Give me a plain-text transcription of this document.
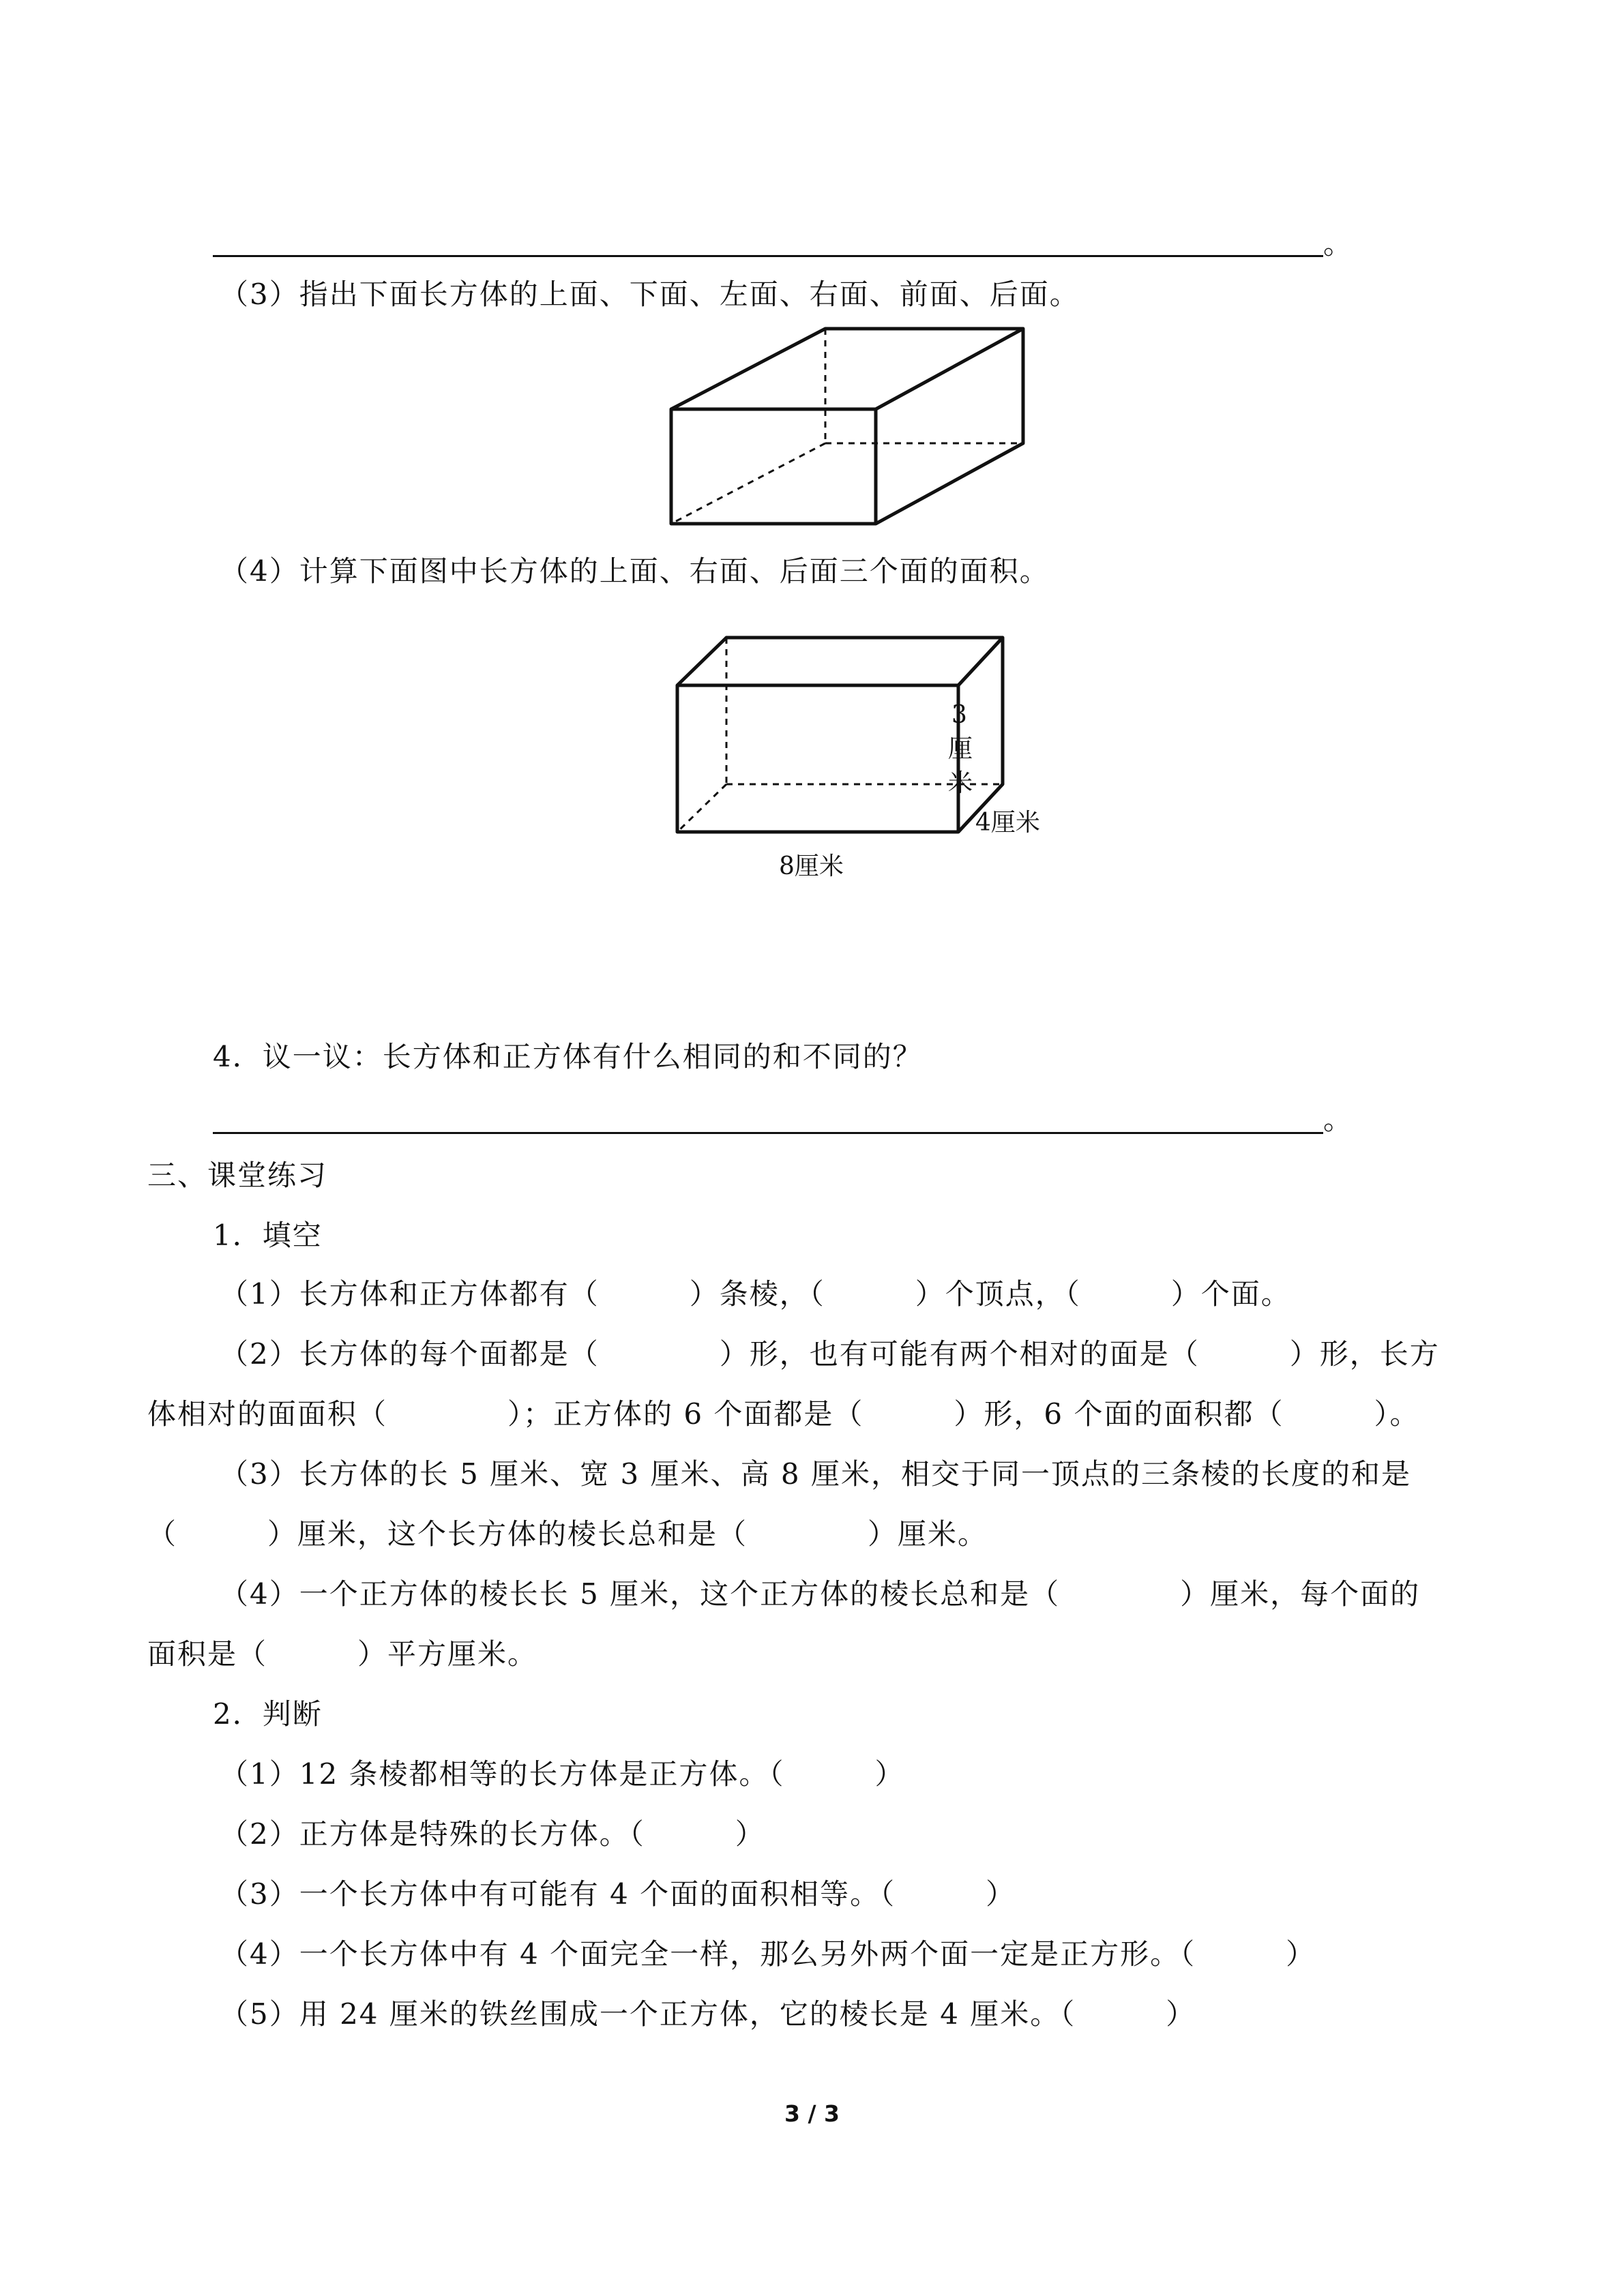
。
（3）指出下面长方体的上面、下面、左面、右面、前面、后面。
（4）计算下面图中长方体的上面、右面、后面三个面的面积。
3
厘
米
4厘米
8厘米
4．议一议：长方体和正方体有什么相同的和不同的？
。
三、课堂练习
1．填空
（1）长方体和正方体都有（　　　）条棱，（　　　）个顶点，（　　　）个面。
（2）长方体的每个面都是（　　　　）形，也有可能有两个相对的面是（　　　）形，长方
体相对的面面积（　　　　）；正方体的 6 个面都是（　　　）形，6 个面的面积都（　　　）。
（3）长方体的长 5 厘米、宽 3 厘米、高 8 厘米，相交于同一顶点的三条棱的长度的和是
（　　　）厘米，这个长方体的棱长总和是（　　　　）厘米。
（4）一个正方体的棱长长 5 厘米，这个正方体的棱长总和是（　　　　）厘米，每个面的
面积是（　　　）平方厘米。
2．判断
（1）12 条棱都相等的长方体是正方体。（　　　）
（2）正方体是特殊的长方体。（　　　）
（3）一个长方体中有可能有 4 个面的面积相等。（　　　）
（4）一个长方体中有 4 个面完全一样，那么另外两个面一定是正方形。（　　　）
（5）用 24 厘米的铁丝围成一个正方体，它的棱长是 4 厘米。（　　　）
3 / 3
